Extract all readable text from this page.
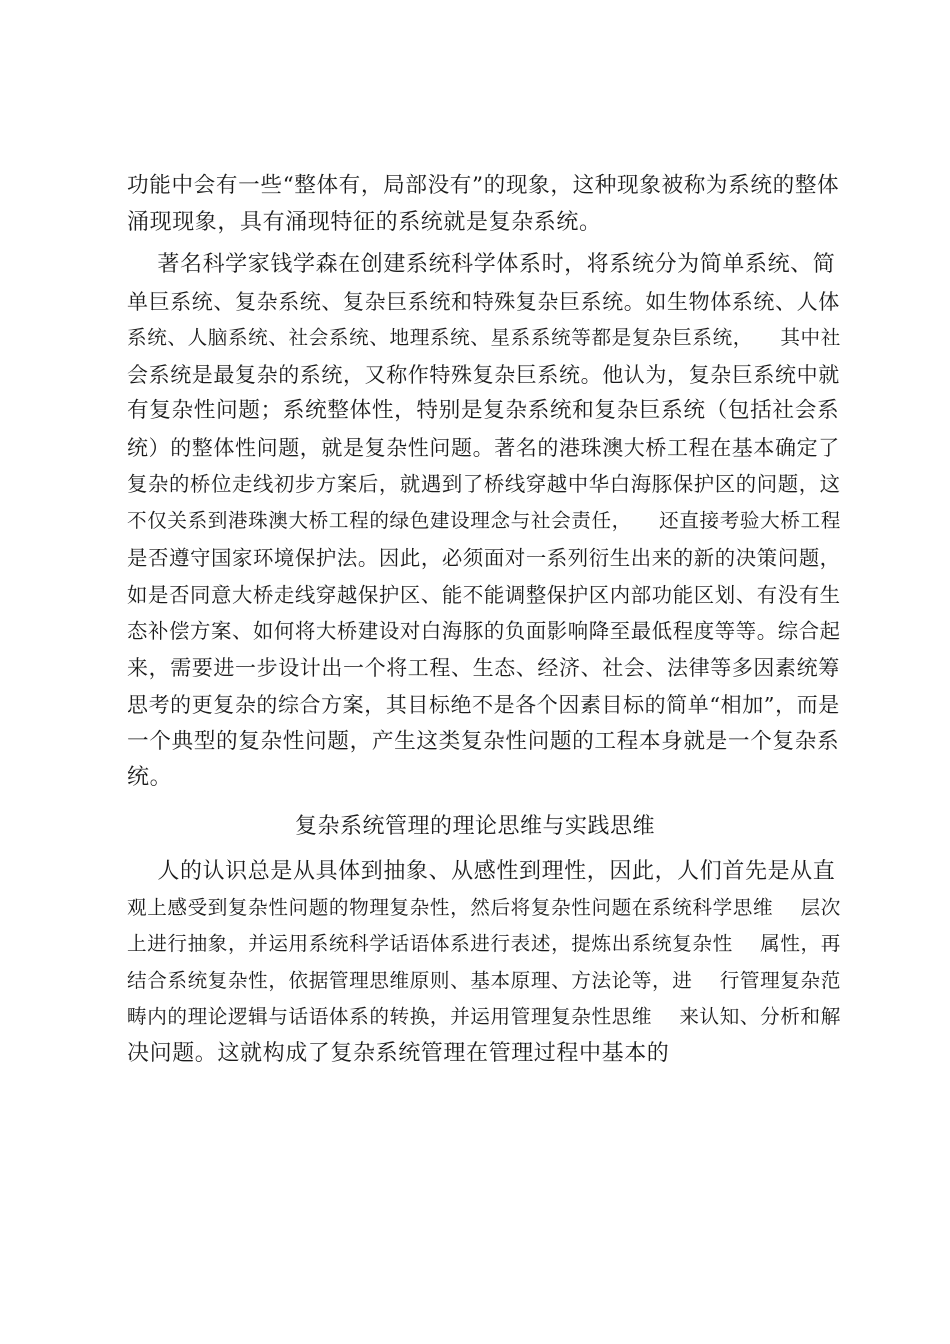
功能中会有一些“整体有，局部没有”的现象，这种现象被称为系统的整体
涌现现象，具有涌现特征的系统就是复杂系统。
著名科学家钱学森在创建系统科学体系时，将系统分为简单系统、简
单巨系统、复杂系统、复杂巨系统和特殊复杂巨系统。如生物体系统、人体
系统、人脑系统、社会系统、地理系统、星系系统等都是复杂巨系统，    其中社
会系统是最复杂的系统，又称作特殊复杂巨系统。他认为，复杂巨系统中就
有复杂性问题；系统整体性，特别是复杂系统和复杂巨系统（包括社会系
统）的整体性问题，就是复杂性问题。著名的港珠澳大桥工程在基本确定了
复杂的桥位走线初步方案后，就遇到了桥线穿越中华白海豚保护区的问题，这
不仅关系到港珠澳大桥工程的绿色建设理念与社会责任，    还直接考验大桥工程
是否遵守国家环境保护法。因此，必须面对一系列衍生出来的新的决策问题，
如是否同意大桥走线穿越保护区、能不能调整保护区内部功能区划、有没有生
态补偿方案、如何将大桥建设对白海豚的负面影响降至最低程度等等。综合起
来，需要进一步设计出一个将工程、生态、经济、社会、法律等多因素统筹
思考的更复杂的综合方案，其目标绝不是各个因素目标的简单“相加”，而是
一个典型的复杂性问题，产生这类复杂性问题的工程本身就是一个复杂系
统。
复杂系统管理的理论思维与实践思维
人的认识总是从具体到抽象、从感性到理性，因此，人们首先是从直
观上感受到复杂性问题的物理复杂性，然后将复杂性问题在系统科学思维    层次
上进行抽象，并运用系统科学话语体系进行表述，提炼出系统复杂性    属性，再
结合系统复杂性，依据管理思维原则、基本原理、方法论等，进    行管理复杂范
畴内的理论逻辑与话语体系的转换，并运用管理复杂性思维    来认知、分析和解
决问题。这就构成了复杂系统管理在管理过程中基本的
